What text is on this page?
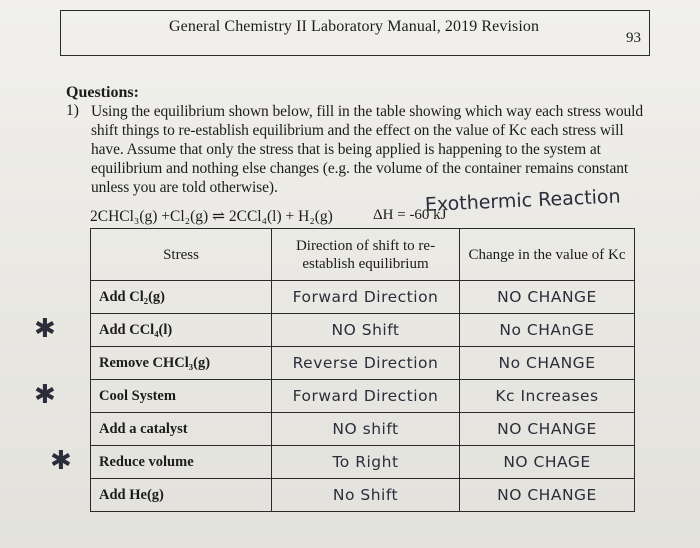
General Chemistry II Laboratory Manual, 2019 Revision
93
Questions:
1) Using the equilibrium shown below, fill in the table showing which way each stress would shift things to re-establish equilibrium and the effect on the value of Kc each stress will have. Assume that only the stress that is being applied is happening to the system at equilibrium and nothing else changes (e.g. the volume of the container remains constant unless you are told otherwise).
2CHCl₃(g) +Cl₂(g) ⇌ 2CCl₄(l) + H₂(g)	ΔH = -60 kJ
Exothermic Reaction
Stress	Direction of shift to re-establish equilibrium	Change in the value of Kc
Add Cl₂(g)	Forward Direction	NO CHANGE
Add CCl₄(l)	NO Shift	No CHAnGE
Remove CHCl₃(g)	Reverse Direction	No CHANGE
Cool System	Forward Direction	Kc Increases
Add a catalyst	NO shift	NO CHANGE
Reduce volume	To Right	NO CHAGE
Add He(g)	No Shift	NO CHANGE
✱
✱
✱
